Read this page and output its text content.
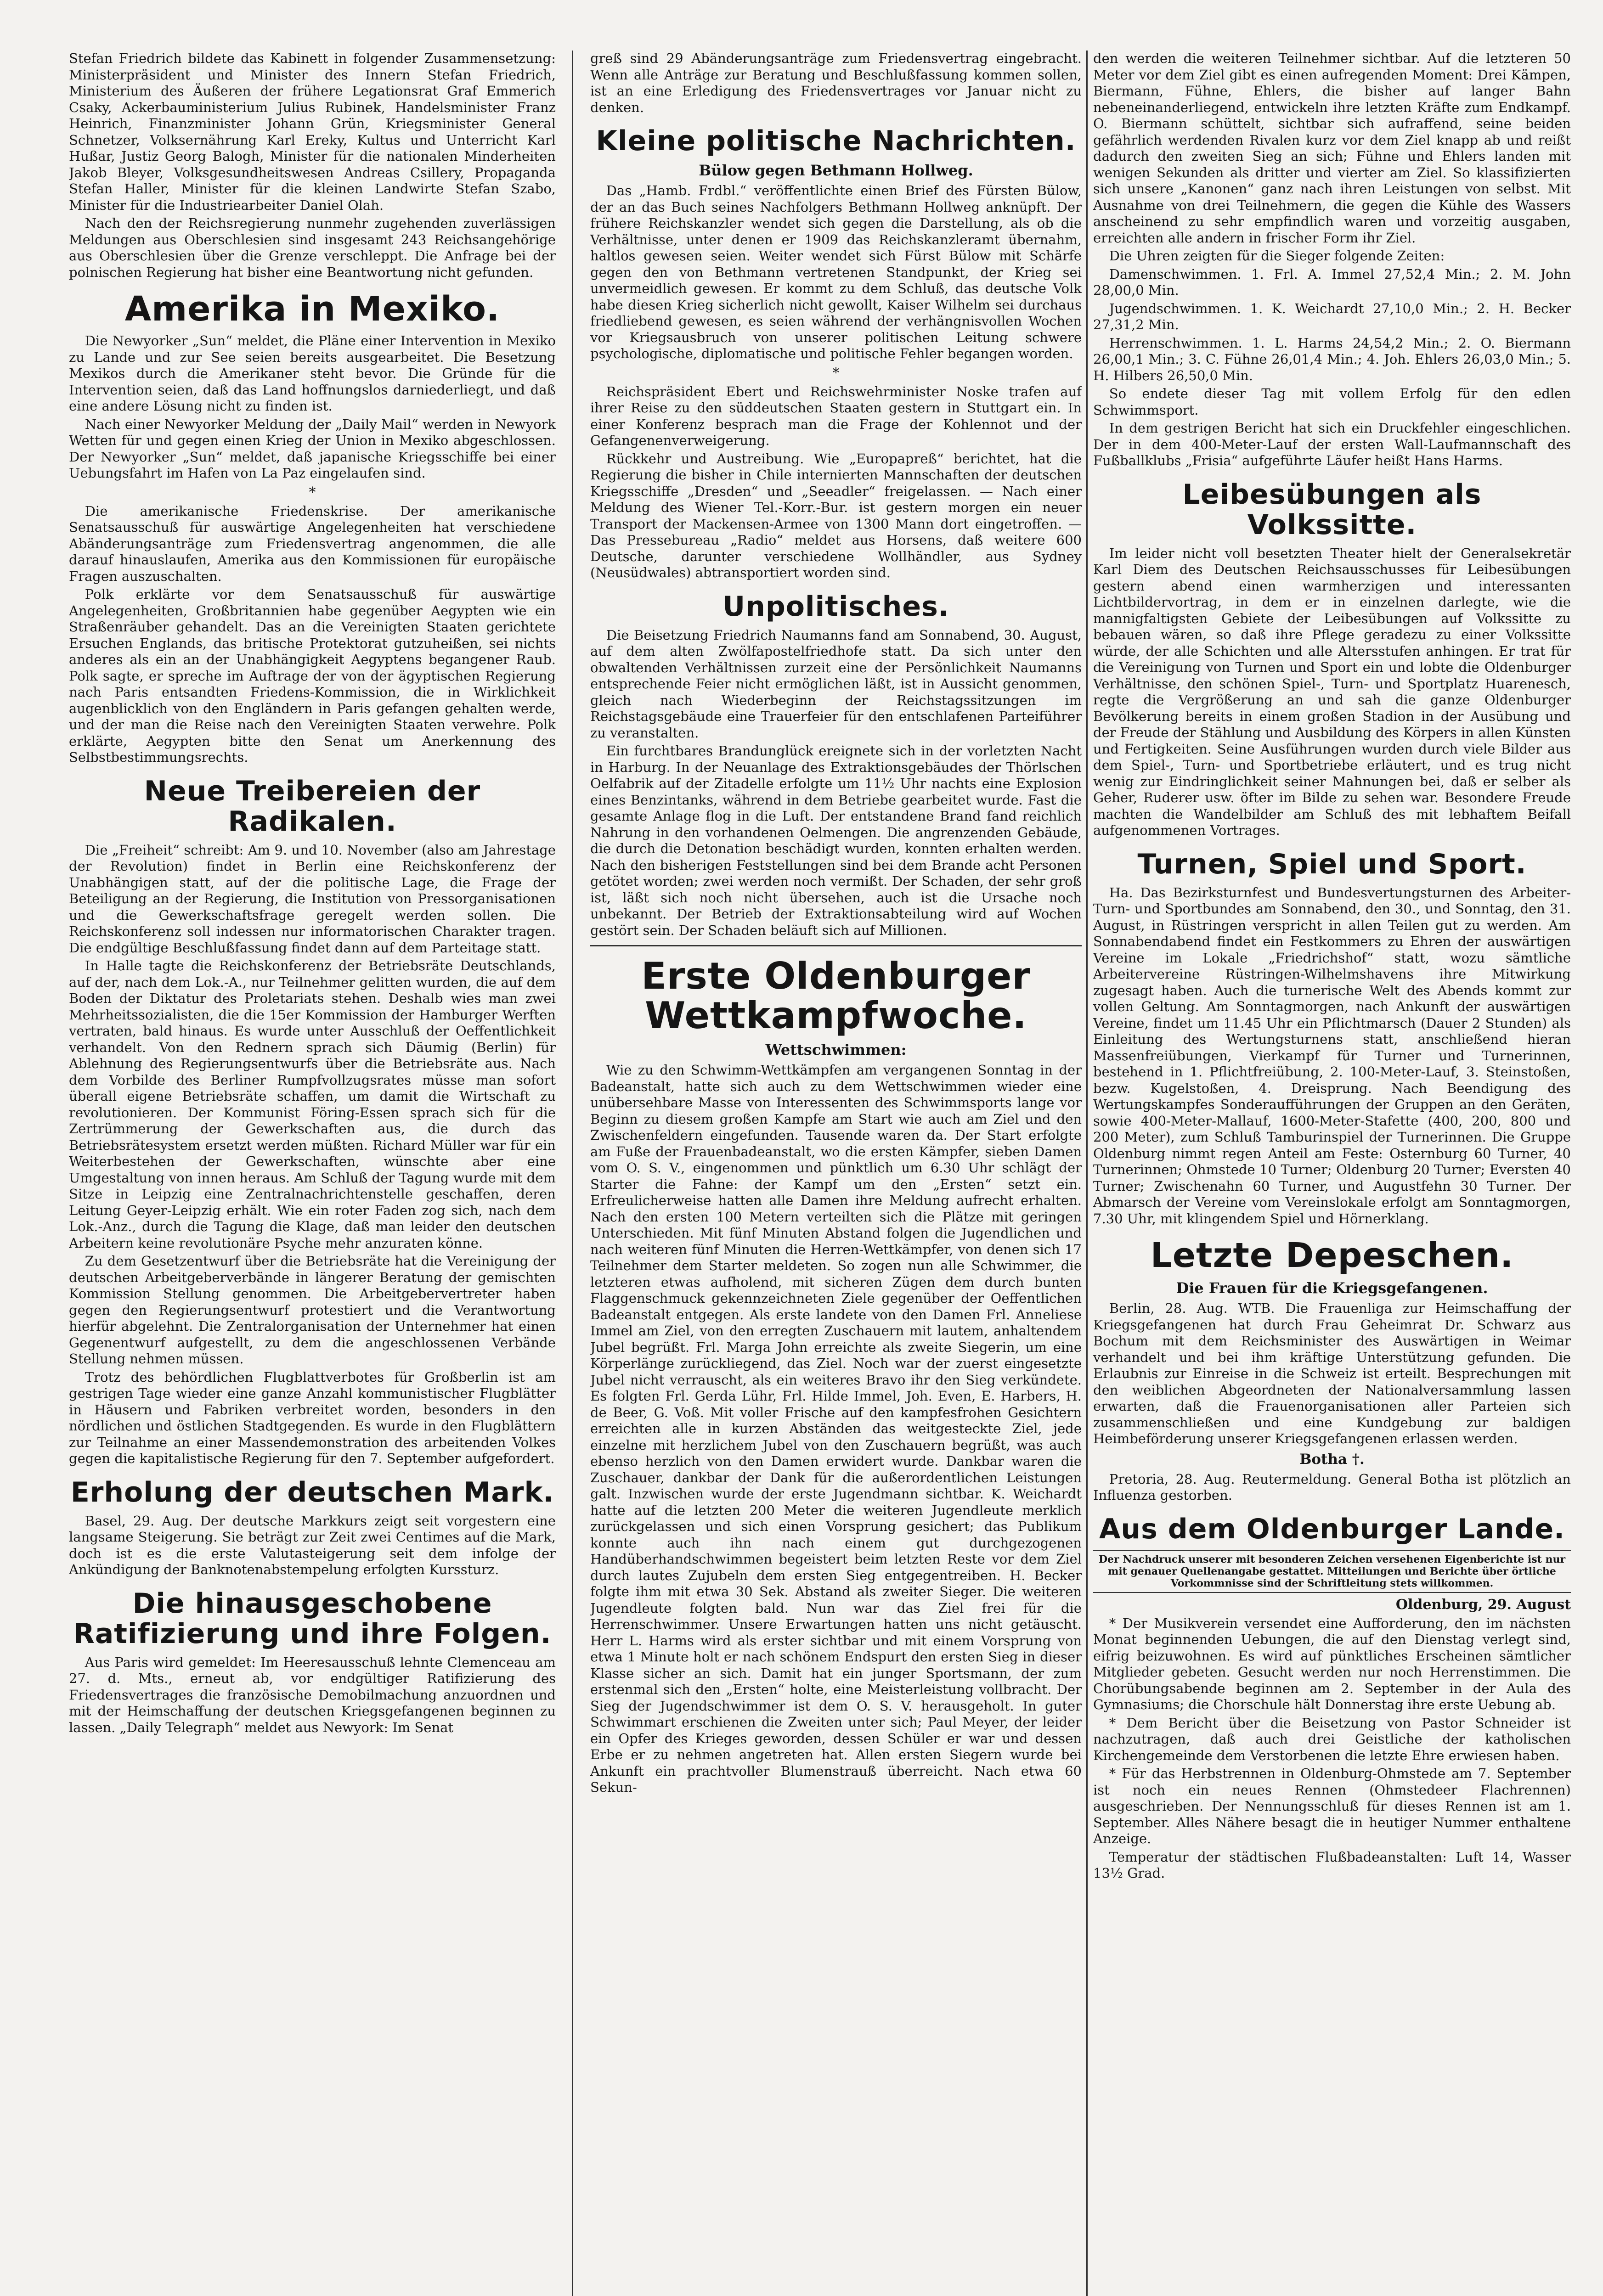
Stefan Friedrich bildete das Kabinett in folgender Zusammensetzung: Ministerpräsident und Minister des Innern Stefan Friedrich, Ministerium des Äußeren der frühere Legationsrat Graf Emmerich Csaky, Ackerbauministerium Julius Rubinek, Handelsminister Franz Heinrich, Finanzminister Johann Grün, Kriegsminister General Schnetzer, Volksernährung Karl Ereky, Kultus und Unterricht Karl Hußar, Justiz Georg Balogh, Minister für die nationalen Minderheiten Jakob Bleyer, Volksgesundheitswesen Andreas Csillery, Propaganda Stefan Haller, Minister für die kleinen Landwirte Stefan Szabo, Minister für die Industriearbeiter Daniel Olah.

Nach den der Reichsregierung nunmehr zugehenden zuverlässigen Meldungen aus Oberschlesien sind insgesamt 243 Reichsangehörige aus Oberschlesien über die Grenze verschleppt. Die Anfrage bei der polnischen Regierung hat bisher eine Beantwortung nicht gefunden.

Amerika in Mexiko.

Die Newyorker „Sun“ meldet, die Pläne einer Intervention in Mexiko zu Lande und zur See seien bereits ausgearbeitet. Die Besetzung Mexikos durch die Amerikaner steht bevor. Die Gründe für die Intervention seien, daß das Land hoffnungslos darniederliegt, und daß eine andere Lösung nicht zu finden ist.

Nach einer Newyorker Meldung der „Daily Mail“ werden in Newyork Wetten für und gegen einen Krieg der Union in Mexiko abgeschlossen. Der Newyorker „Sun“ meldet, daß japanische Kriegsschiffe bei einer Uebungsfahrt im Hafen von La Paz eingelaufen sind.

*

Die amerikanische Friedenskrise. Der amerikanische Senatsausschuß für auswärtige Angelegenheiten hat verschiedene Abänderungsanträge zum Friedensvertrag angenommen, die alle darauf hinauslaufen, Amerika aus den Kommissionen für europäische Fragen auszuschalten.

Polk erklärte vor dem Senatsausschuß für auswärtige Angelegenheiten, Großbritannien habe gegenüber Aegypten wie ein Straßenräuber gehandelt. Das an die Vereinigten Staaten gerichtete Ersuchen Englands, das britische Protektorat gutzuheißen, sei nichts anderes als ein an der Unabhängigkeit Aegyptens begangener Raub. Polk sagte, er spreche im Auftrage der von der ägyptischen Regierung nach Paris entsandten Friedens-Kommission, die in Wirklichkeit augenblicklich von den Engländern in Paris gefangen gehalten werde, und der man die Reise nach den Vereinigten Staaten verwehre. Polk erklärte, Aegypten bitte den Senat um Anerkennung des Selbstbestimmungsrechts.

Neue Treibereien der Radikalen.

Die „Freiheit“ schreibt: Am 9. und 10. November (also am Jahrestage der Revolution) findet in Berlin eine Reichskonferenz der Unabhängigen statt, auf der die politische Lage, die Frage der Beteiligung an der Regierung, die Institution von Pressorganisationen und die Gewerkschaftsfrage geregelt werden sollen. Die Reichskonferenz soll indessen nur informatorischen Charakter tragen. Die endgültige Beschlußfassung findet dann auf dem Parteitage statt.

In Halle tagte die Reichskonferenz der Betriebsräte Deutschlands, auf der, nach dem Lok.-A., nur Teilnehmer gelitten wurden, die auf dem Boden der Diktatur des Proletariats stehen. Deshalb wies man zwei Mehrheitssozialisten, die die 15er Kommission der Hamburger Werften vertraten, bald hinaus. Es wurde unter Ausschluß der Oeffentlichkeit verhandelt. Von den Rednern sprach sich Däumig (Berlin) für Ablehnung des Regierungsentwurfs über die Betriebsräte aus. Nach dem Vorbilde des Berliner Rumpfvollzugsrates müsse man sofort überall eigene Betriebsräte schaffen, um damit die Wirtschaft zu revolutionieren. Der Kommunist Föring-Essen sprach sich für die Zertrümmerung der Gewerkschaften aus, die durch das Betriebsrätesystem ersetzt werden müßten. Richard Müller war für ein Weiterbestehen der Gewerkschaften, wünschte aber eine Umgestaltung von innen heraus. Am Schluß der Tagung wurde mit dem Sitze in Leipzig eine Zentralnachrichtenstelle geschaffen, deren Leitung Geyer-Leipzig erhält. Wie ein roter Faden zog sich, nach dem Lok.-Anz., durch die Tagung die Klage, daß man leider den deutschen Arbeitern keine revolutionäre Psyche mehr anzuraten könne.

Zu dem Gesetzentwurf über die Betriebsräte hat die Vereinigung der deutschen Arbeitgeberverbände in längerer Beratung der gemischten Kommission Stellung genommen. Die Arbeitgebervertreter haben gegen den Regierungsentwurf protestiert und die Verantwortung hierfür abgelehnt. Die Zentralorganisation der Unternehmer hat einen Gegenentwurf aufgestellt, zu dem die angeschlossenen Verbände Stellung nehmen müssen.

Trotz des behördlichen Flugblattverbotes für Großberlin ist am gestrigen Tage wieder eine ganze Anzahl kommunistischer Flugblätter in Häusern und Fabriken verbreitet worden, besonders in den nördlichen und östlichen Stadtgegenden. Es wurde in den Flugblättern zur Teilnahme an einer Massendemonstration des arbeitenden Volkes gegen die kapitalistische Regierung für den 7. September aufgefordert.

Erholung der deutschen Mark.

Basel, 29. Aug. Der deutsche Markkurs zeigt seit vorgestern eine langsame Steigerung. Sie beträgt zur Zeit zwei Centimes auf die Mark, doch ist es die erste Valutasteigerung seit dem infolge der Ankündigung der Banknotenabstempelung erfolgten Kurssturz.

Die hinausgeschobene Ratifizierung und ihre Folgen.

Aus Paris wird gemeldet: Im Heeresausschuß lehnte Clemenceau am 27. d. Mts., erneut ab, vor endgültiger Ratifizierung des Friedensvertrages die französische Demobilmachung anzuordnen und mit der Heimschaffung der deutschen Kriegsgefangenen beginnen zu lassen. „Daily Telegraph“ meldet aus Newyork: Im Senat

greß sind 29 Abänderungsanträge zum Friedensvertrag eingebracht. Wenn alle Anträge zur Beratung und Beschlußfassung kommen sollen, ist an eine Erledigung des Friedensvertrages vor Januar nicht zu denken.

Kleine politische Nachrichten.
Bülow gegen Bethmann Hollweg.

Das „Hamb. Frdbl.“ veröffentlichte einen Brief des Fürsten Bülow, der an das Buch seines Nachfolgers Bethmann Hollweg anknüpft. Der frühere Reichskanzler wendet sich gegen die Darstellung, als ob die Verhältnisse, unter denen er 1909 das Reichskanzleramt übernahm, haltlos gewesen seien. Weiter wendet sich Fürst Bülow mit Schärfe gegen den von Bethmann vertretenen Standpunkt, der Krieg sei unvermeidlich gewesen. Er kommt zu dem Schluß, das deutsche Volk habe diesen Krieg sicherlich nicht gewollt, Kaiser Wilhelm sei durchaus friedliebend gewesen, es seien während der verhängnisvollen Wochen vor Kriegsausbruch von unserer politischen Leitung schwere psychologische, diplomatische und politische Fehler begangen worden.

*

Reichspräsident Ebert und Reichswehrminister Noske trafen auf ihrer Reise zu den süddeutschen Staaten gestern in Stuttgart ein. In einer Konferenz besprach man die Frage der Kohlennot und der Gefangenenverweigerung.

Rückkehr und Austreibung. Wie „Europapreß“ berichtet, hat die Regierung die bisher in Chile internierten Mannschaften der deutschen Kriegsschiffe „Dresden“ und „Seeadler“ freigelassen. — Nach einer Meldung des Wiener Tel.-Korr.-Bur. ist gestern morgen ein neuer Transport der Mackensen-Armee von 1300 Mann dort eingetroffen. — Das Pressebureau „Radio“ meldet aus Horsens, daß weitere 600 Deutsche, darunter verschiedene Wollhändler, aus Sydney (Neusüdwales) abtransportiert worden sind.

Unpolitisches.

Die Beisetzung Friedrich Naumanns fand am Sonnabend, 30. August, auf dem alten Zwölfapostelfriedhofe statt. Da sich unter den obwaltenden Verhältnissen zurzeit eine der Persönlichkeit Naumanns entsprechende Feier nicht ermöglichen läßt, ist in Aussicht genommen, gleich nach Wiederbeginn der Reichstagssitzungen im Reichstagsgebäude eine Trauerfeier für den entschlafenen Parteiführer zu veranstalten.

Ein furchtbares Brandunglück ereignete sich in der vorletzten Nacht in Harburg. In der Neuanlage des Extraktionsgebäudes der Thörlschen Oelfabrik auf der Zitadelle erfolgte um 11½ Uhr nachts eine Explosion eines Benzintanks, während in dem Betriebe gearbeitet wurde. Fast die gesamte Anlage flog in die Luft. Der entstandene Brand fand reichlich Nahrung in den vorhandenen Oelmengen. Die angrenzenden Gebäude, die durch die Detonation beschädigt wurden, konnten erhalten werden. Nach den bisherigen Feststellungen sind bei dem Brande acht Personen getötet worden; zwei werden noch vermißt. Der Schaden, der sehr groß ist, läßt sich noch nicht übersehen, auch ist die Ursache noch unbekannt. Der Betrieb der Extraktionsabteilung wird auf Wochen gestört sein. Der Schaden beläuft sich auf Millionen.

Erste Oldenburger Wettkampfwoche.
Wettschwimmen:

Wie zu den Schwimm-Wettkämpfen am vergangenen Sonntag in der Badeanstalt, hatte sich auch zu dem Wettschwimmen wieder eine unübersehbare Masse von Interessenten des Schwimmsports lange vor Beginn zu diesem großen Kampfe am Start wie auch am Ziel und den Zwischenfeldern eingefunden. Tausende waren da. Der Start erfolgte am Fuße der Frauenbadeanstalt, wo die ersten Kämpfer, sieben Damen vom O. S. V., eingenommen und pünktlich um 6.30 Uhr schlägt der Starter die Fahne: der Kampf um den „Ersten“ setzt ein. Erfreulicherweise hatten alle Damen ihre Meldung aufrecht erhalten. Nach den ersten 100 Metern verteilten sich die Plätze mit geringen Unterschieden. Mit fünf Minuten Abstand folgen die Jugendlichen und nach weiteren fünf Minuten die Herren-Wettkämpfer, von denen sich 17 Teilnehmer dem Starter meldeten. So zogen nun alle Schwimmer, die letzteren etwas aufholend, mit sicheren Zügen dem durch bunten Flaggenschmuck gekennzeichneten Ziele gegenüber der Oeffentlichen Badeanstalt entgegen. Als erste landete von den Damen Frl. Anneliese Immel am Ziel, von den erregten Zuschauern mit lautem, anhaltendem Jubel begrüßt. Frl. Marga John erreichte als zweite Siegerin, um eine Körperlänge zurückliegend, das Ziel. Noch war der zuerst eingesetzte Jubel nicht verrauscht, als ein weiteres Bravo ihr den Sieg verkündete. Es folgten Frl. Gerda Lühr, Frl. Hilde Immel, Joh. Even, E. Harbers, H. de Beer, G. Voß. Mit voller Frische auf den kampfesfrohen Gesichtern erreichten alle in kurzen Abständen das weitgesteckte Ziel, jede einzelne mit herzlichem Jubel von den Zuschauern begrüßt, was auch ebenso herzlich von den Damen erwidert wurde. Dankbar waren die Zuschauer, dankbar der Dank für die außerordentlichen Leistungen galt. Inzwischen wurde der erste Jugendmann sichtbar. K. Weichardt hatte auf die letzten 200 Meter die weiteren Jugendleute merklich zurückgelassen und sich einen Vorsprung gesichert; das Publikum konnte auch ihn nach einem gut durchgezogenen Handüberhandschwimmen begeistert beim letzten Reste vor dem Ziel durch lautes Zujubeln dem ersten Sieg entgegentreiben. H. Becker folgte ihm mit etwa 30 Sek. Abstand als zweiter Sieger. Die weiteren Jugendleute folgten bald. Nun war das Ziel frei für die Herrenschwimmer. Unsere Erwartungen hatten uns nicht getäuscht. Herr L. Harms wird als erster sichtbar und mit einem Vorsprung von etwa 1 Minute holt er nach schönem Endspurt den ersten Sieg in dieser Klasse sicher an sich. Damit hat ein junger Sportsmann, der zum erstenmal sich den „Ersten“ holte, eine Meisterleistung vollbracht. Der Sieg der Jugendschwimmer ist dem O. S. V. herausgeholt. In guter Schwimmart erschienen die Zweiten unter sich; Paul Meyer, der leider ein Opfer des Krieges geworden, dessen Schüler er war und dessen Erbe er zu nehmen angetreten hat. Allen ersten Siegern wurde bei Ankunft ein prachtvoller Blumenstrauß überreicht. Nach etwa 60 Sekun-

den werden die weiteren Teilnehmer sichtbar. Auf die letzteren 50 Meter vor dem Ziel gibt es einen aufregenden Moment: Drei Kämpen, Biermann, Fühne, Ehlers, die bisher auf langer Bahn nebeneinanderliegend, entwickeln ihre letzten Kräfte zum Endkampf. O. Biermann schüttelt, sichtbar sich aufraffend, seine beiden gefährlich werdenden Rivalen kurz vor dem Ziel knapp ab und reißt dadurch den zweiten Sieg an sich; Fühne und Ehlers landen mit wenigen Sekunden als dritter und vierter am Ziel. So klassifizierten sich unsere „Kanonen“ ganz nach ihren Leistungen von selbst. Mit Ausnahme von drei Teilnehmern, die gegen die Kühle des Wassers anscheinend zu sehr empfindlich waren und vorzeitig ausgaben, erreichten alle andern in frischer Form ihr Ziel.

Die Uhren zeigten für die Sieger folgende Zeiten:

Damenschwimmen. 1. Frl. A. Immel 27,52,4 Min.; 2. M. John 28,00,0 Min.

Jugendschwimmen. 1. K. Weichardt 27,10,0 Min.; 2. H. Becker 27,31,2 Min.

Herrenschwimmen. 1. L. Harms 24,54,2 Min.; 2. O. Biermann 26,00,1 Min.; 3. C. Fühne 26,01,4 Min.; 4. Joh. Ehlers 26,03,0 Min.; 5. H. Hilbers 26,50,0 Min.

So endete dieser Tag mit vollem Erfolg für den edlen Schwimmsport.

In dem gestrigen Bericht hat sich ein Druckfehler eingeschlichen. Der in dem 400-Meter-Lauf der ersten Wall-Laufmannschaft des Fußballklubs „Frisia“ aufgeführte Läufer heißt Hans Harms.

Leibesübungen als Volkssitte.

Im leider nicht voll besetzten Theater hielt der Generalsekretär Karl Diem des Deutschen Reichsausschusses für Leibesübungen gestern abend einen warmherzigen und interessanten Lichtbildervortrag, in dem er in einzelnen darlegte, wie die mannigfaltigsten Gebiete der Leibesübungen auf Volkssitte zu bebauen wären, so daß ihre Pflege geradezu zu einer Volkssitte würde, der alle Schichten und alle Altersstufen anhingen. Er trat für die Vereinigung von Turnen und Sport ein und lobte die Oldenburger Verhältnisse, den schönen Spiel-, Turn- und Sportplatz Huarenesch, regte die Vergrößerung an und sah die ganze Oldenburger Bevölkerung bereits in einem großen Stadion in der Ausübung und der Freude der Stählung und Ausbildung des Körpers in allen Künsten und Fertigkeiten. Seine Ausführungen wurden durch viele Bilder aus dem Spiel-, Turn- und Sportbetriebe erläutert, und es trug nicht wenig zur Eindringlichkeit seiner Mahnungen bei, daß er selber als Geher, Ruderer usw. öfter im Bilde zu sehen war. Besondere Freude machten die Wandelbilder am Schluß des mit lebhaftem Beifall aufgenommenen Vortrages.

Turnen, Spiel und Sport.

Ha. Das Bezirksturnfest und Bundesvertungsturnen des Arbeiter-Turn- und Sportbundes am Sonnabend, den 30., und Sonntag, den 31. August, in Rüstringen verspricht in allen Teilen gut zu werden. Am Sonnabendabend findet ein Festkommers zu Ehren der auswärtigen Vereine im Lokale „Friedrichshof“ statt, wozu sämtliche Arbeitervereine Rüstringen-Wilhelmshavens ihre Mitwirkung zugesagt haben. Auch die turnerische Welt des Abends kommt zur vollen Geltung. Am Sonntagmorgen, nach Ankunft der auswärtigen Vereine, findet um 11.45 Uhr ein Pflichtmarsch (Dauer 2 Stunden) als Einleitung des Wertungsturnens statt, anschließend hieran Massenfreiübungen, Vierkampf für Turner und Turnerinnen, bestehend in 1. Pflichtfreiübung, 2. 100-Meter-Lauf, 3. Steinstoßen, bezw. Kugelstoßen, 4. Dreisprung. Nach Beendigung des Wertungskampfes Sonderaufführungen der Gruppen an den Geräten, sowie 400-Meter-Mallauf, 1600-Meter-Stafette (400, 200, 800 und 200 Meter), zum Schluß Tamburinspiel der Turnerinnen. Die Gruppe Oldenburg nimmt regen Anteil am Feste: Osternburg 60 Turner, 40 Turnerinnen; Ohmstede 10 Turner; Oldenburg 20 Turner; Eversten 40 Turner; Zwischenahn 60 Turner, und Augustfehn 30 Turner. Der Abmarsch der Vereine vom Vereinslokale erfolgt am Sonntagmorgen, 7.30 Uhr, mit klingendem Spiel und Hörnerklang.

Letzte Depeschen.
Die Frauen für die Kriegsgefangenen.

Berlin, 28. Aug. WTB. Die Frauenliga zur Heimschaffung der Kriegsgefangenen hat durch Frau Geheimrat Dr. Schwarz aus Bochum mit dem Reichsminister des Auswärtigen in Weimar verhandelt und bei ihm kräftige Unterstützung gefunden. Die Erlaubnis zur Einreise in die Schweiz ist erteilt. Besprechungen mit den weiblichen Abgeordneten der Nationalversammlung lassen erwarten, daß die Frauenorganisationen aller Parteien sich zusammenschließen und eine Kundgebung zur baldigen Heimbeförderung unserer Kriegsgefangenen erlassen werden.

Botha †.

Pretoria, 28. Aug. Reutermeldung. General Botha ist plötzlich an Influenza gestorben.

Aus dem Oldenburger Lande.
Der Nachdruck unserer mit besonderen Zeichen versehenen Eigenberichte ist nur mit genauer Quellenangabe gestattet. Mitteilungen und Berichte über örtliche Vorkommnisse sind der Schriftleitung stets willkommen.
Oldenburg, 29. August

* Der Musikverein versendet eine Aufforderung, den im nächsten Monat beginnenden Uebungen, die auf den Dienstag verlegt sind, eifrig beizuwohnen. Es wird auf pünktliches Erscheinen sämtlicher Mitglieder gebeten. Gesucht werden nur noch Herrenstimmen. Die Chorübungsabende beginnen am 2. September in der Aula des Gymnasiums; die Chorschule hält Donnerstag ihre erste Uebung ab.

* Dem Bericht über die Beisetzung von Pastor Schneider ist nachzutragen, daß auch drei Geistliche der katholischen Kirchengemeinde dem Verstorbenen die letzte Ehre erwiesen haben.

* Für das Herbstrennen in Oldenburg-Ohmstede am 7. September ist noch ein neues Rennen (Ohmstedeer Flachrennen) ausgeschrieben. Der Nennungsschluß für dieses Rennen ist am 1. September. Alles Nähere besagt die in heutiger Nummer enthaltene Anzeige.

Temperatur der städtischen Flußbadeanstalten: Luft 14, Wasser 13½ Grad.
